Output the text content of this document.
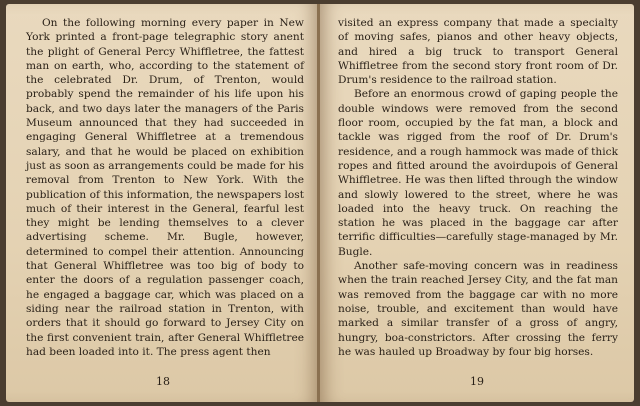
On the following morning every paper in New York printed a front-page telegraphic story anent the plight of General Percy Whiffletree, the fattest man on earth, who, according to the statement of the celebrated Dr. Drum, of Trenton, would probably spend the remainder of his life upon his back, and two days later the managers of the Paris Museum announced that they had succeeded in engaging General Whiffletree at a tremendous salary, and that he would be placed on exhibition just as soon as arrangements could be made for his removal from Trenton to New York. With the publication of this information, the newspapers lost much of their interest in the General, fearful lest they might be lending themselves to a clever advertising scheme. Mr. Bugle, however, determined to compel their attention. Announcing that General Whiffletree was too big of body to enter the doors of a regulation passenger coach, he engaged a baggage car, which was placed on a siding near the railroad station in Trenton, with orders that it should go forward to Jersey City on the first convenient train, after General Whiffletree had been loaded into it. The press agent then

18

visited an express company that made a specialty of moving safes, pianos and other heavy objects, and hired a big truck to transport General Whiffletree from the second story front room of Dr. Drum's residence to the railroad station.

Before an enormous crowd of gaping people the double windows were removed from the second floor room, occupied by the fat man, a block and tackle was rigged from the roof of Dr. Drum's residence, and a rough hammock was made of thick ropes and fitted around the avoirdupois of General Whiffletree. He was then lifted through the window and slowly lowered to the street, where he was loaded into the heavy truck. On reaching the station he was placed in the baggage car after terrific difficulties—carefully stage-managed by Mr. Bugle.

Another safe-moving concern was in readiness when the train reached Jersey City, and the fat man was removed from the baggage car with no more noise, trouble, and excitement than would have marked a similar transfer of a gross of angry, hungry, boa-constrictors. After crossing the ferry he was hauled up Broadway by four big horses.

19
